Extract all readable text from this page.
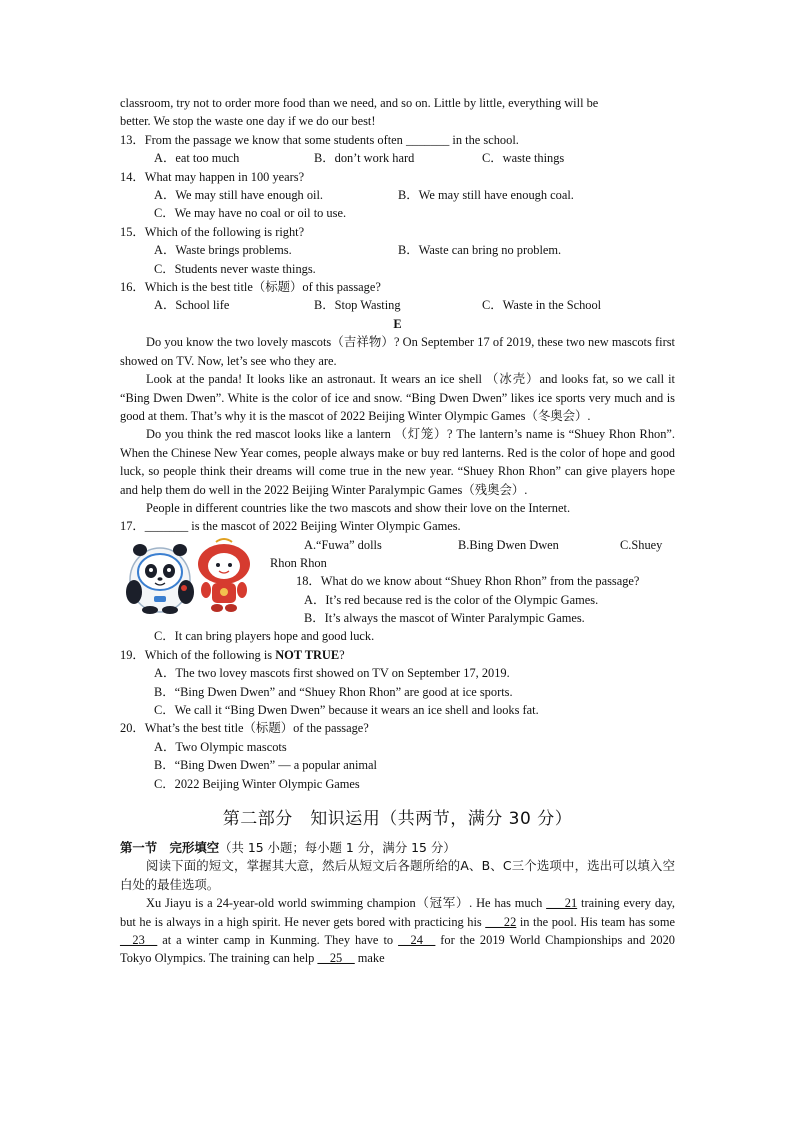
classroom, try not to order more food than we need, and so on. Little by little, everything will be

better. We stop the waste one day if we do our best!

13．From the passage we know that some students often _______ in the school.

A．eat too much	B．don’t work hard	C．waste things

14．What may happen in 100 years?

A．We may still have enough oil.	B．We may still have enough coal.
C．We may have no coal or oil to use.

15．Which of the following is right?

A．Waste brings problems.	B．Waste can bring no problem.
C．Students never waste things.

16．Which is the best title（标题）of this passage?

A．School life	B．Stop Wasting	C．Waste in the School

E

Do you know the two lovely mascots（吉祥物）? On September 17 of 2019, these two new mascots first showed on TV. Now, let’s see who they are.

Look at the panda! It looks like an astronaut. It wears an ice shell （冰壳）and looks fat, so we call it “Bing Dwen Dwen”. White is the color of ice and snow. “Bing Dwen Dwen” likes ice sports very much and is good at them. That’s why it is the mascot of 2022 Beijing Winter Olympic Games（冬奥会）.

Do you think the red mascot looks like a lantern （灯笼）? The lantern’s name is “Shuey Rhon Rhon”. When the Chinese New Year comes, people always make or buy red lanterns. Red is the color of hope and good luck, so people think their dreams will come true in the new year. “Shuey Rhon Rhon” can give players hope and help them do well in the 2022 Beijing Winter Paralympic Games（残奥会）.

People in different countries like the two mascots and show their love on the Internet.

17．_______ is the mascot of 2022 Beijing Winter Olympic Games.

A.“Fuwa” dolls	B.Bing Dwen Dwen	C.Shuey

Rhon Rhon

18．What do we know about “Shuey Rhon Rhon” from the passage?

A．It’s red because red is the color of the Olympic Games.

B．It’s always the mascot of Winter Paralympic Games.

C．It can bring players hope and good luck.

19．Which of the following is NOT TRUE?

A．The two lovey mascots first showed on TV on September 17, 2019.
B．“Bing Dwen Dwen” and “Shuey Rhon Rhon” are good at ice sports.
C．We call it “Bing Dwen Dwen” because it wears an ice shell and looks fat.

20．What’s the best title（标题）of the passage?

A．Two Olympic mascots
B．“Bing Dwen Dwen” — a popular animal
C．2022 Beijing Winter Olympic Games

第二部分　知识运用（共两节，满分 30 分）

第一节　完形填空（共 15 小题；每小题 1 分，满分 15 分）

阅读下面的短文，掌握其大意，然后从短文后各题所给的A、B、C三个选项中，选出可以填入空白处的最佳选项。

Xu Jiayu is a 24-year-old world swimming champion（冠军）. He has much ___21 training every day, but he is always in a high spirit. He never gets bored with practicing his ___22 in the pool. His team has some __23__ at a winter camp in Kunming. They have to __24__ for the 2019 World Championships and 2020 Tokyo Olympics. The training can help __25__ make
